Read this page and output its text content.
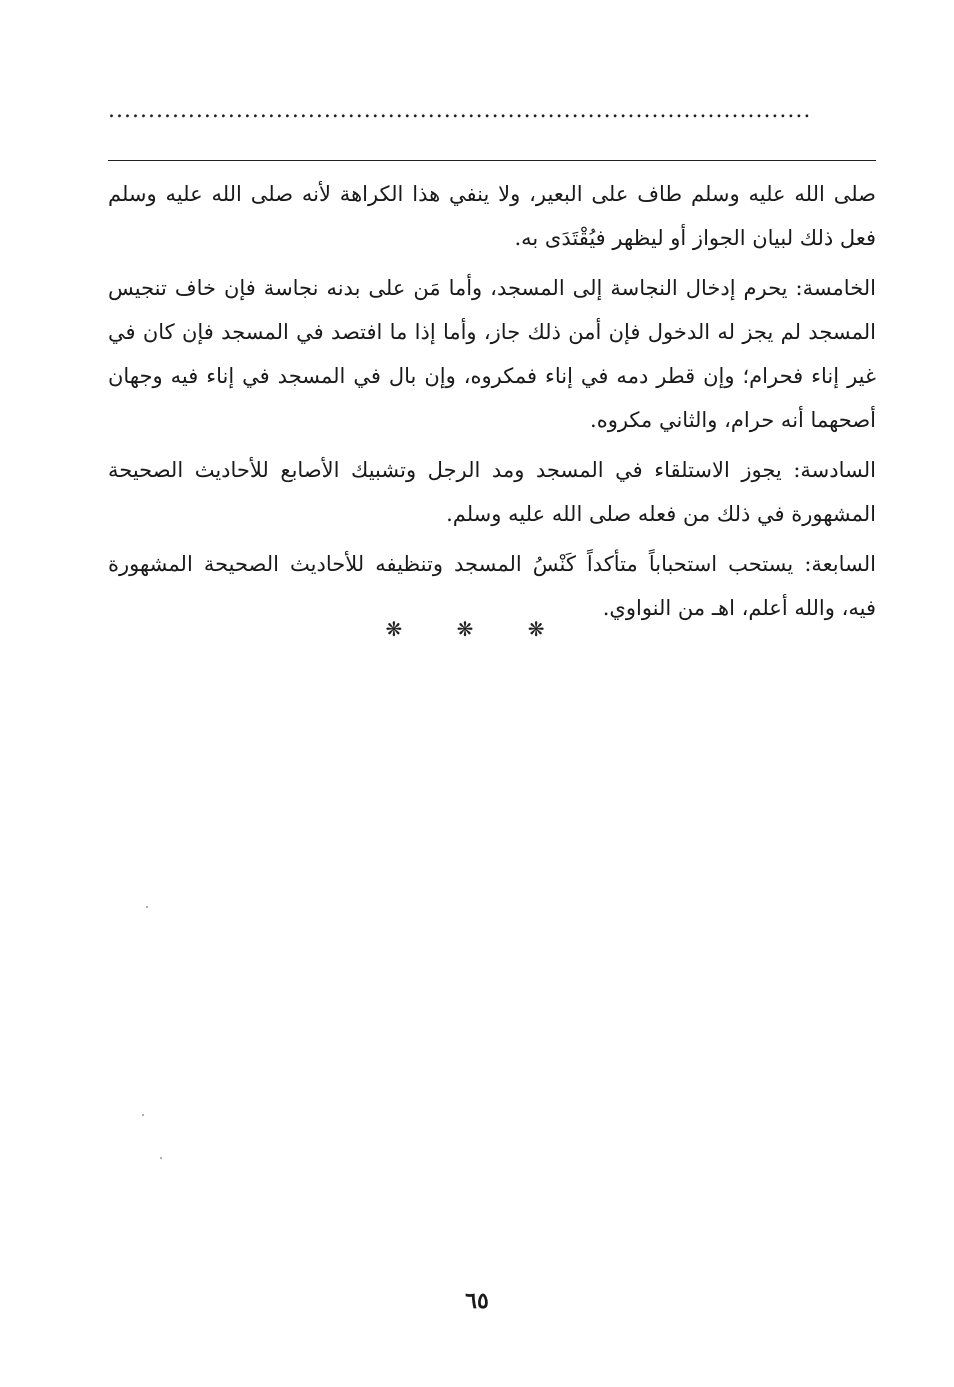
........................................................................................

صلى الله عليه وسلم طاف على البعير، ولا ينفي هذا الكراهة لأنه صلى الله عليه وسلم فعل ذلك لبيان الجواز أو ليظهر فيُقْتَدَى به.

الخامسة: يحرم إدخال النجاسة إلى المسجد، وأما مَن على بدنه نجاسة فإن خاف تنجيس المسجد لم يجز له الدخول فإن أمن ذلك جاز، وأما إذا ما افتصد في المسجد فإن كان في غير إناء فحرام؛ وإن قطر دمه في إناء فمكروه، وإن بال في المسجد في إناء فيه وجهان أصحهما أنه حرام، والثاني مكروه.

السادسة: يجوز الاستلقاء في المسجد ومد الرجل وتشبيك الأصابع للأحاديث الصحيحة المشهورة في ذلك من فعله صلى الله عليه وسلم.

السابعة: يستحب استحباباً متأكداً كَنْسُ المسجد وتنظيفه للأحاديث الصحيحة المشهورة فيه، والله أعلم، اهـ من النواوي.

❋ ❋ ❋
٦٥
